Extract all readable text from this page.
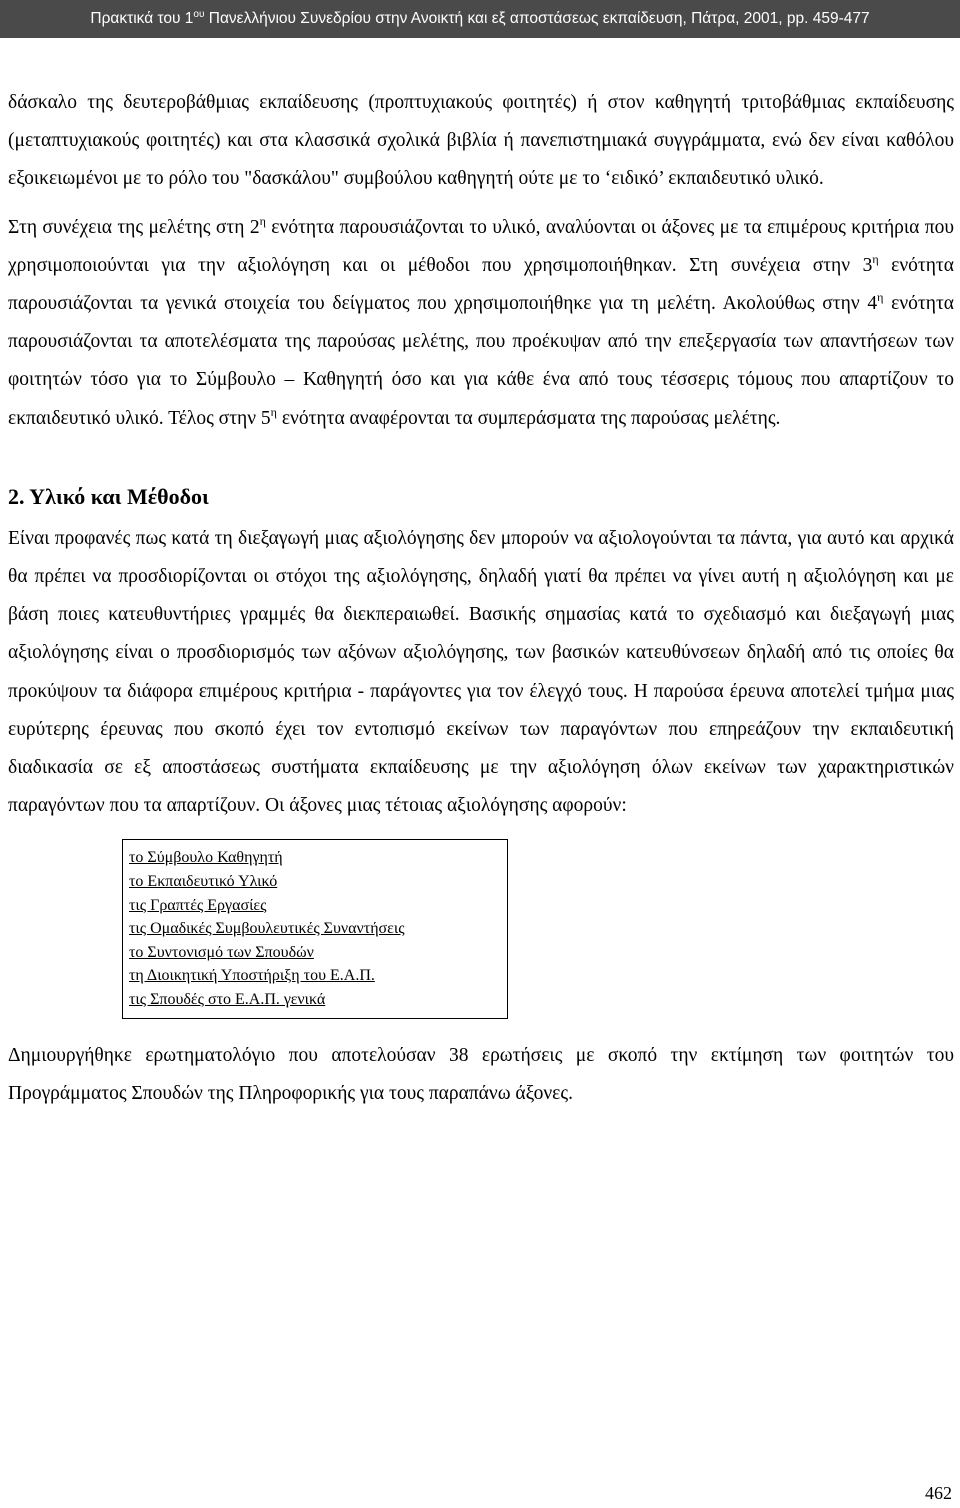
Πρακτικά του $1^{o\upsilon}$ Πανελλήνιου Συνεδρίου στην Ανοικτή και εξ αποστάσεως εκπαίδευση, Πάτρα, 2001, pp. 459-477

δάσκαλο της δευτεροβάθμιας εκπαίδευσης (προπτυχιακούς φοιτητές) ή στον καθηγητή τριτοβάθμιας εκπαίδευσης (μεταπτυχιακούς φοιτητές) και στα κλασσικά σχολικά βιβλία ή πανεπιστημιακά συγγράμματα, ενώ δεν είναι καθόλου εξοικειωμένοι με το ρόλο του "δασκάλου" συμβούλου καθηγητή ούτε με το ‘ειδικό’ εκπαιδευτικό υλικό.

Στη συνέχεια της μελέτης στη $2^\eta$ ενότητα παρουσιάζονται το υλικό, αναλύονται οι άξονες με τα επιμέρους κριτήρια που χρησιμοποιούνται για την αξιολόγηση και οι μέθοδοι που χρησιμοποιήθηκαν. Στη συνέχεια στην $3^\eta$ ενότητα παρουσιάζονται τα γενικά στοιχεία του δείγματος που χρησιμοποιήθηκε για τη μελέτη. Ακολούθως στην $4^\eta$ ενότητα παρουσιάζονται τα αποτελέσματα της παρούσας μελέτης, που προέκυψαν από την επεξεργασία των απαντήσεων των φοιτητών τόσο για το Σύμβουλο – Καθηγητή όσο και για κάθε ένα από τους τέσσερις τόμους που απαρτίζουν το εκπαιδευτικό υλικό. Τέλος στην $5^\eta$ ενότητα αναφέρονται τα συμπεράσματα της παρούσας μελέτης.

2. Υλικό και Μέθοδοι

Είναι προφανές πως κατά τη διεξαγωγή μιας αξιολόγησης δεν μπορούν να αξιολογούνται τα πάντα, για αυτό και αρχικά θα πρέπει να προσδιορίζονται οι στόχοι της αξιολόγησης, δηλαδή γιατί θα πρέπει να γίνει αυτή η αξιολόγηση και με βάση ποιες κατευθυντήριες γραμμές θα διεκπεραιωθεί. Βασικής σημασίας κατά το σχεδιασμό και διεξαγωγή μιας αξιολόγησης είναι ο προσδιορισμός των αξόνων αξιολόγησης, των βασικών κατευθύνσεων δηλαδή από τις οποίες θα προκύψουν τα διάφορα επιμέρους κριτήρια - παράγοντες για τον έλεγχό τους. Η παρούσα έρευνα αποτελεί τμήμα μιας ευρύτερης έρευνας που σκοπό έχει τον εντοπισμό εκείνων των παραγόντων που επηρεάζουν την εκπαιδευτική διαδικασία σε εξ αποστάσεως συστήματα εκπαίδευσης με την αξιολόγηση όλων εκείνων των χαρακτηριστικών παραγόντων που τα απαρτίζουν. Οι άξονες μιας τέτοιας αξιολόγησης αφορούν:

το Σύμβουλο Καθηγητή
το Εκπαιδευτικό Υλικό
τις Γραπτές Εργασίες
τις Ομαδικές Συμβουλευτικές Συναντήσεις
το Συντονισμό των Σπουδών
τη Διοικητική Υποστήριξη του Ε.Α.Π.
τις Σπουδές στο Ε.Α.Π. γενικά

Δημιουργήθηκε ερωτηματολόγιο που αποτελούσαν 38 ερωτήσεις με σκοπό την εκτίμηση των φοιτητών του Προγράμματος Σπουδών της Πληροφορικής για τους παραπάνω άξονες.

462
